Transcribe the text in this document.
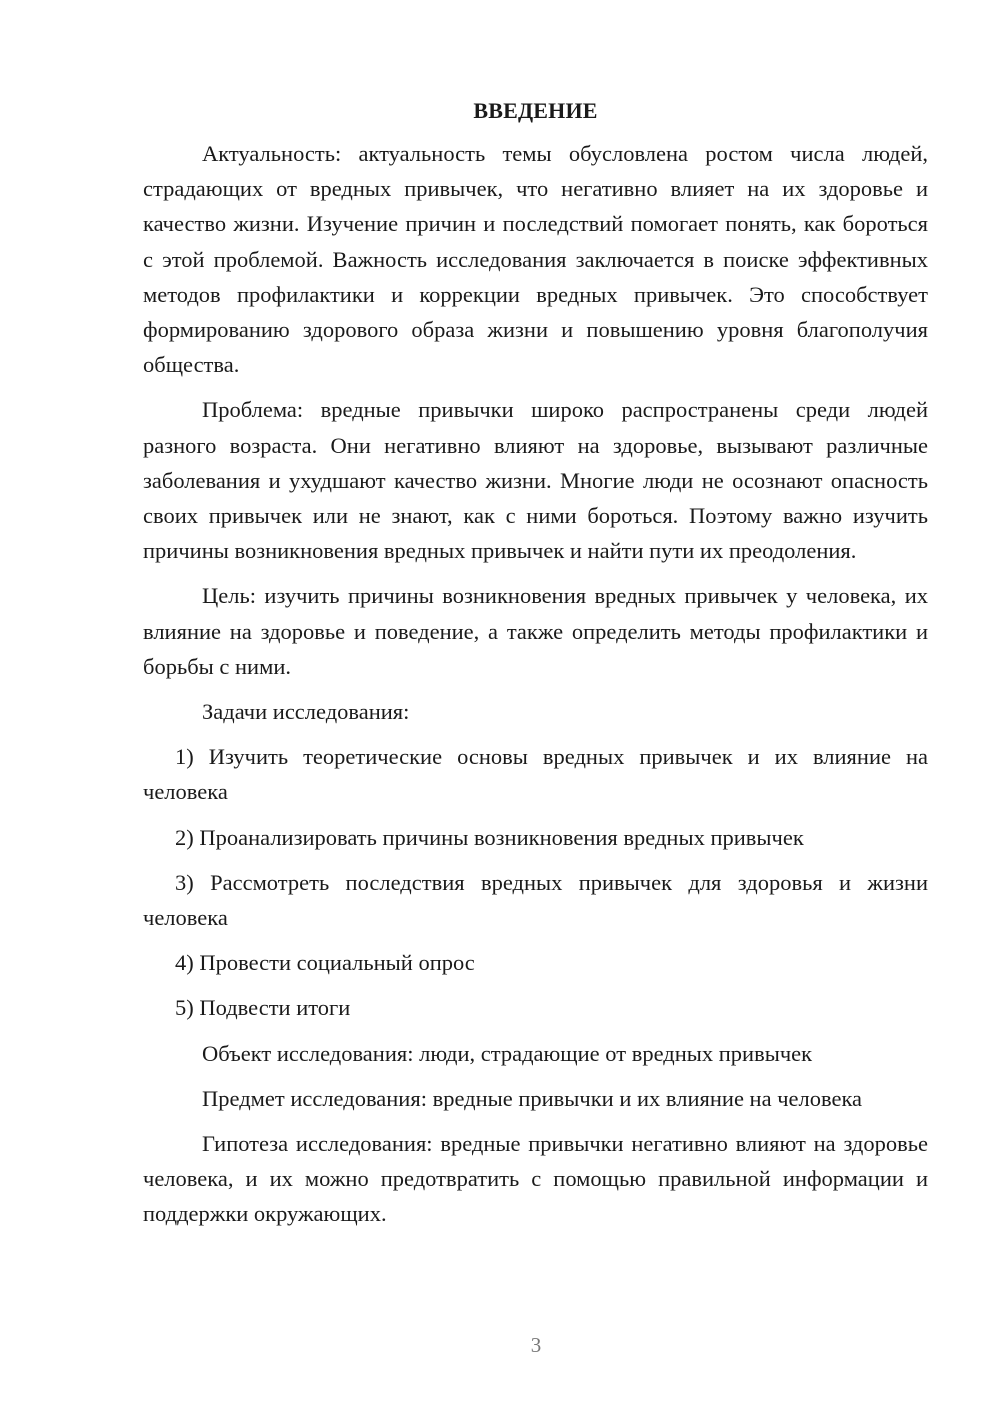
ВВЕДЕНИЕ

Актуальность: актуальность темы обусловлена ростом числа людей, страдающих от вредных привычек, что негативно влияет на их здоровье и качество жизни. Изучение причин и последствий помогает понять, как бороться с этой проблемой. Важность исследования заключается в поиске эффективных методов профилактики и коррекции вредных привычек. Это способствует формированию здорового образа жизни и повышению уровня благополучия общества.

Проблема: вредные привычки широко распространены среди людей разного возраста. Они негативно влияют на здоровье, вызывают различные заболевания и ухудшают качество жизни. Многие люди не осознают опасность своих привычек или не знают, как с ними бороться. Поэтому важно изучить причины возникновения вредных привычек и найти пути их преодоления.

Цель: изучить причины возникновения вредных привычек у человека, их влияние на здоровье и поведение, а также определить методы профилактики и борьбы с ними.

Задачи исследования:

1) Изучить теоретические основы вредных привычек и их влияние на человека

2) Проанализировать причины возникновения вредных привычек

3) Рассмотреть последствия вредных привычек для здоровья и жизни человека

4) Провести социальный опрос

5) Подвести итоги

Объект исследования: люди, страдающие от вредных привычек

Предмет исследования: вредные привычки и их влияние на человека

Гипотеза исследования: вредные привычки негативно влияют на здоровье человека, и их можно предотвратить с помощью правильной информации и поддержки окружающих.

3
